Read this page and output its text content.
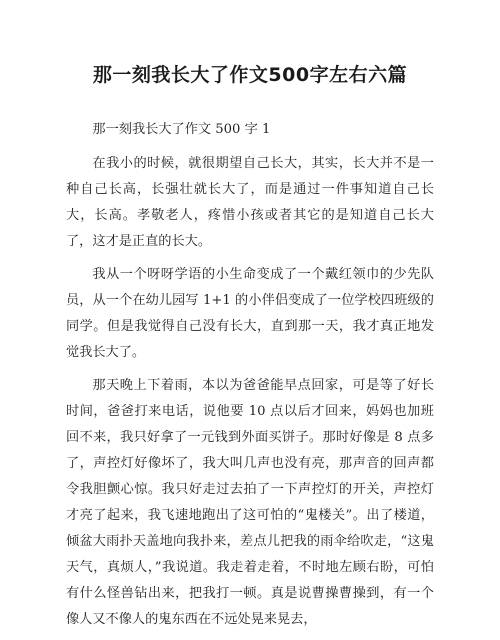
那一刻我长大了作文500字左右六篇

那一刻我长大了作文 500 字 1

在我小的时候，就很期望自己长大，其实，长大并不是一种自己长高，长强壮就长大了，而是通过一件事知道自己长大，长高。孝敬老人，疼惜小孩或者其它的是知道自己长大了，这才是正直的长大。

我从一个呀呀学语的小生命变成了一个戴红领巾的少先队员，从一个在幼儿园写 1+1 的小伴侣变成了一位学校四班级的同学。但是我觉得自己没有长大，直到那一天，我才真正地发觉我长大了。

那天晚上下着雨，本以为爸爸能早点回家，可是等了好长时间，爸爸打来电话，说他要 10 点以后才回来，妈妈也加班回不来，我只好拿了一元钱到外面买饼子。那时好像是 8 点多了，声控灯好像坏了，我大叫几声也没有亮，那声音的回声都令我胆颤心惊。我只好走过去拍了一下声控灯的开关，声控灯才亮了起来，我飞速地跑出了这可怕的“鬼楼关”。出了楼道，倾盆大雨扑天盖地向我扑来，差点儿把我的雨伞给吹走，“这鬼天气，真烦人，”我说道。我走着走着，不时地左顾右盼，可怕有什么怪兽钻出来，把我打一顿。真是说曹操曹操到，有一个像人又不像人的鬼东西在不远处晃来晃去，
